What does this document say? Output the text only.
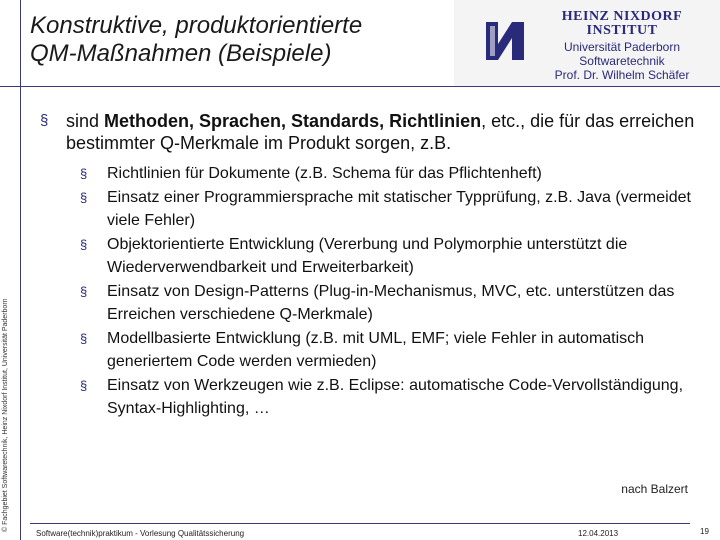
Konstruktive, produktorientierte
QM-Maßnahmen (Beispiele)
HEINZ NIXDORF INSTITUT
Universität Paderborn
Softwaretechnik
Prof. Dr. Wilhelm Schäfer
© Fachgebiet Softwaretechnik, Heinz Nixdorf Institut, Universität Paderborn
§ sind Methoden, Sprachen, Standards, Richtlinien, etc., die für das erreichen bestimmter Q-Merkmale im Produkt sorgen, z.B.
§ Richtlinien für Dokumente (z.B. Schema für das Pflichtenheft)
§ Einsatz einer Programmiersprache mit statischer Typprüfung, z.B. Java (vermeidet viele Fehler)
§ Objektorientierte Entwicklung (Vererbung und Polymorphie unterstützt die Wiederverwendbarkeit und Erweiterbarkeit)
§ Einsatz von Design-Patterns (Plug-in-Mechanismus, MVC, etc. unterstützen das Erreichen verschiedene Q-Merkmale)
§ Modellbasierte Entwicklung (z.B. mit UML, EMF; viele Fehler in automatisch generiertem Code werden vermieden)
§ Einsatz von Werkzeugen wie z.B. Eclipse: automatische Code-Vervollständigung, Syntax-Highlighting, …
nach Balzert
Software(technik)praktikum - Vorlesung Qualitätssicherung	12.04.2013	19
